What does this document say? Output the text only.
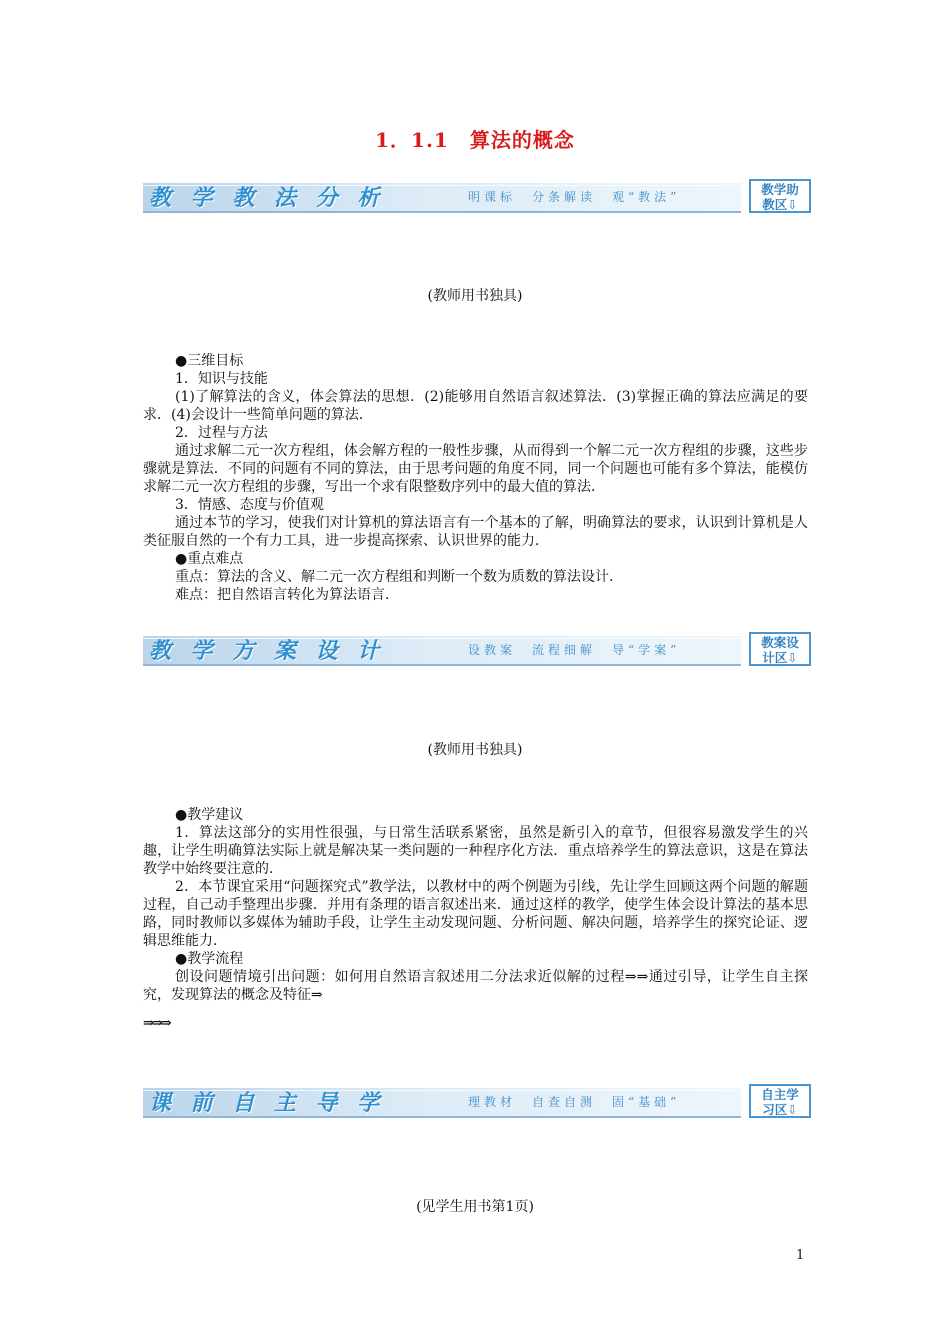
1．1.1　算法的概念
教 学 教 法 分 析	明课标　分条解读　观“教法”	教学助
教区⇩
(教师用书独具)

●三维目标

1．知识与技能

(1)了解算法的含义，体会算法的思想．(2)能够用自然语言叙述算法．(3)掌握正确的算法应满足的要求．(4)会设计一些简单问题的算法．

2．过程与方法

通过求解二元一次方程组，体会解方程的一般性步骤，从而得到一个解二元一次方程组的步骤，这些步骤就是算法．不同的问题有不同的算法，由于思考问题的角度不同，同一个问题也可能有多个算法，能模仿求解二元一次方程组的步骤，写出一个求有限整数序列中的最大值的算法．

3．情感、态度与价值观

通过本节的学习，使我们对计算机的算法语言有一个基本的了解，明确算法的要求，认识到计算机是人类征服自然的一个有力工具，进一步提高探索、认识世界的能力．

●重点难点

重点：算法的含义、解二元一次方程组和判断一个数为质数的算法设计．

难点：把自然语言转化为算法语言．

教 学 方 案 设 计	设教案　流程细解　导“学案”	教案设
计区⇩
(教师用书独具)

●教学建议

1．算法这部分的实用性很强，与日常生活联系紧密，虽然是新引入的章节，但很容易激发学生的兴趣，让学生明确算法实际上就是解决某一类问题的一种程序化方法．重点培养学生的算法意识，这是在算法教学中始终要注意的．

2．本节课宜采用“问题探究式”教学法，以教材中的两个例题为引线，先让学生回顾这两个问题的解题过程，自己动手整理出步骤．并用有条理的语言叙述出来．通过这样的教学，使学生体会设计算法的基本思路，同时教师以多媒体为辅助手段，让学生主动发现问题、分析问题、解决问题，培养学生的探究论证、逻辑思维能力．

●教学流程

创设问题情境引出问题：如何用自然语言叙述用二分法求近似解的过程⇒⇒通过引导，让学生自主探究，发现算法的概念及特征⇒

⇒⇒⇒
课 前 自 主 导 学	理教材　自查自测　固“基础”	自主学
习区⇩
(见学生用书第1页)
1
